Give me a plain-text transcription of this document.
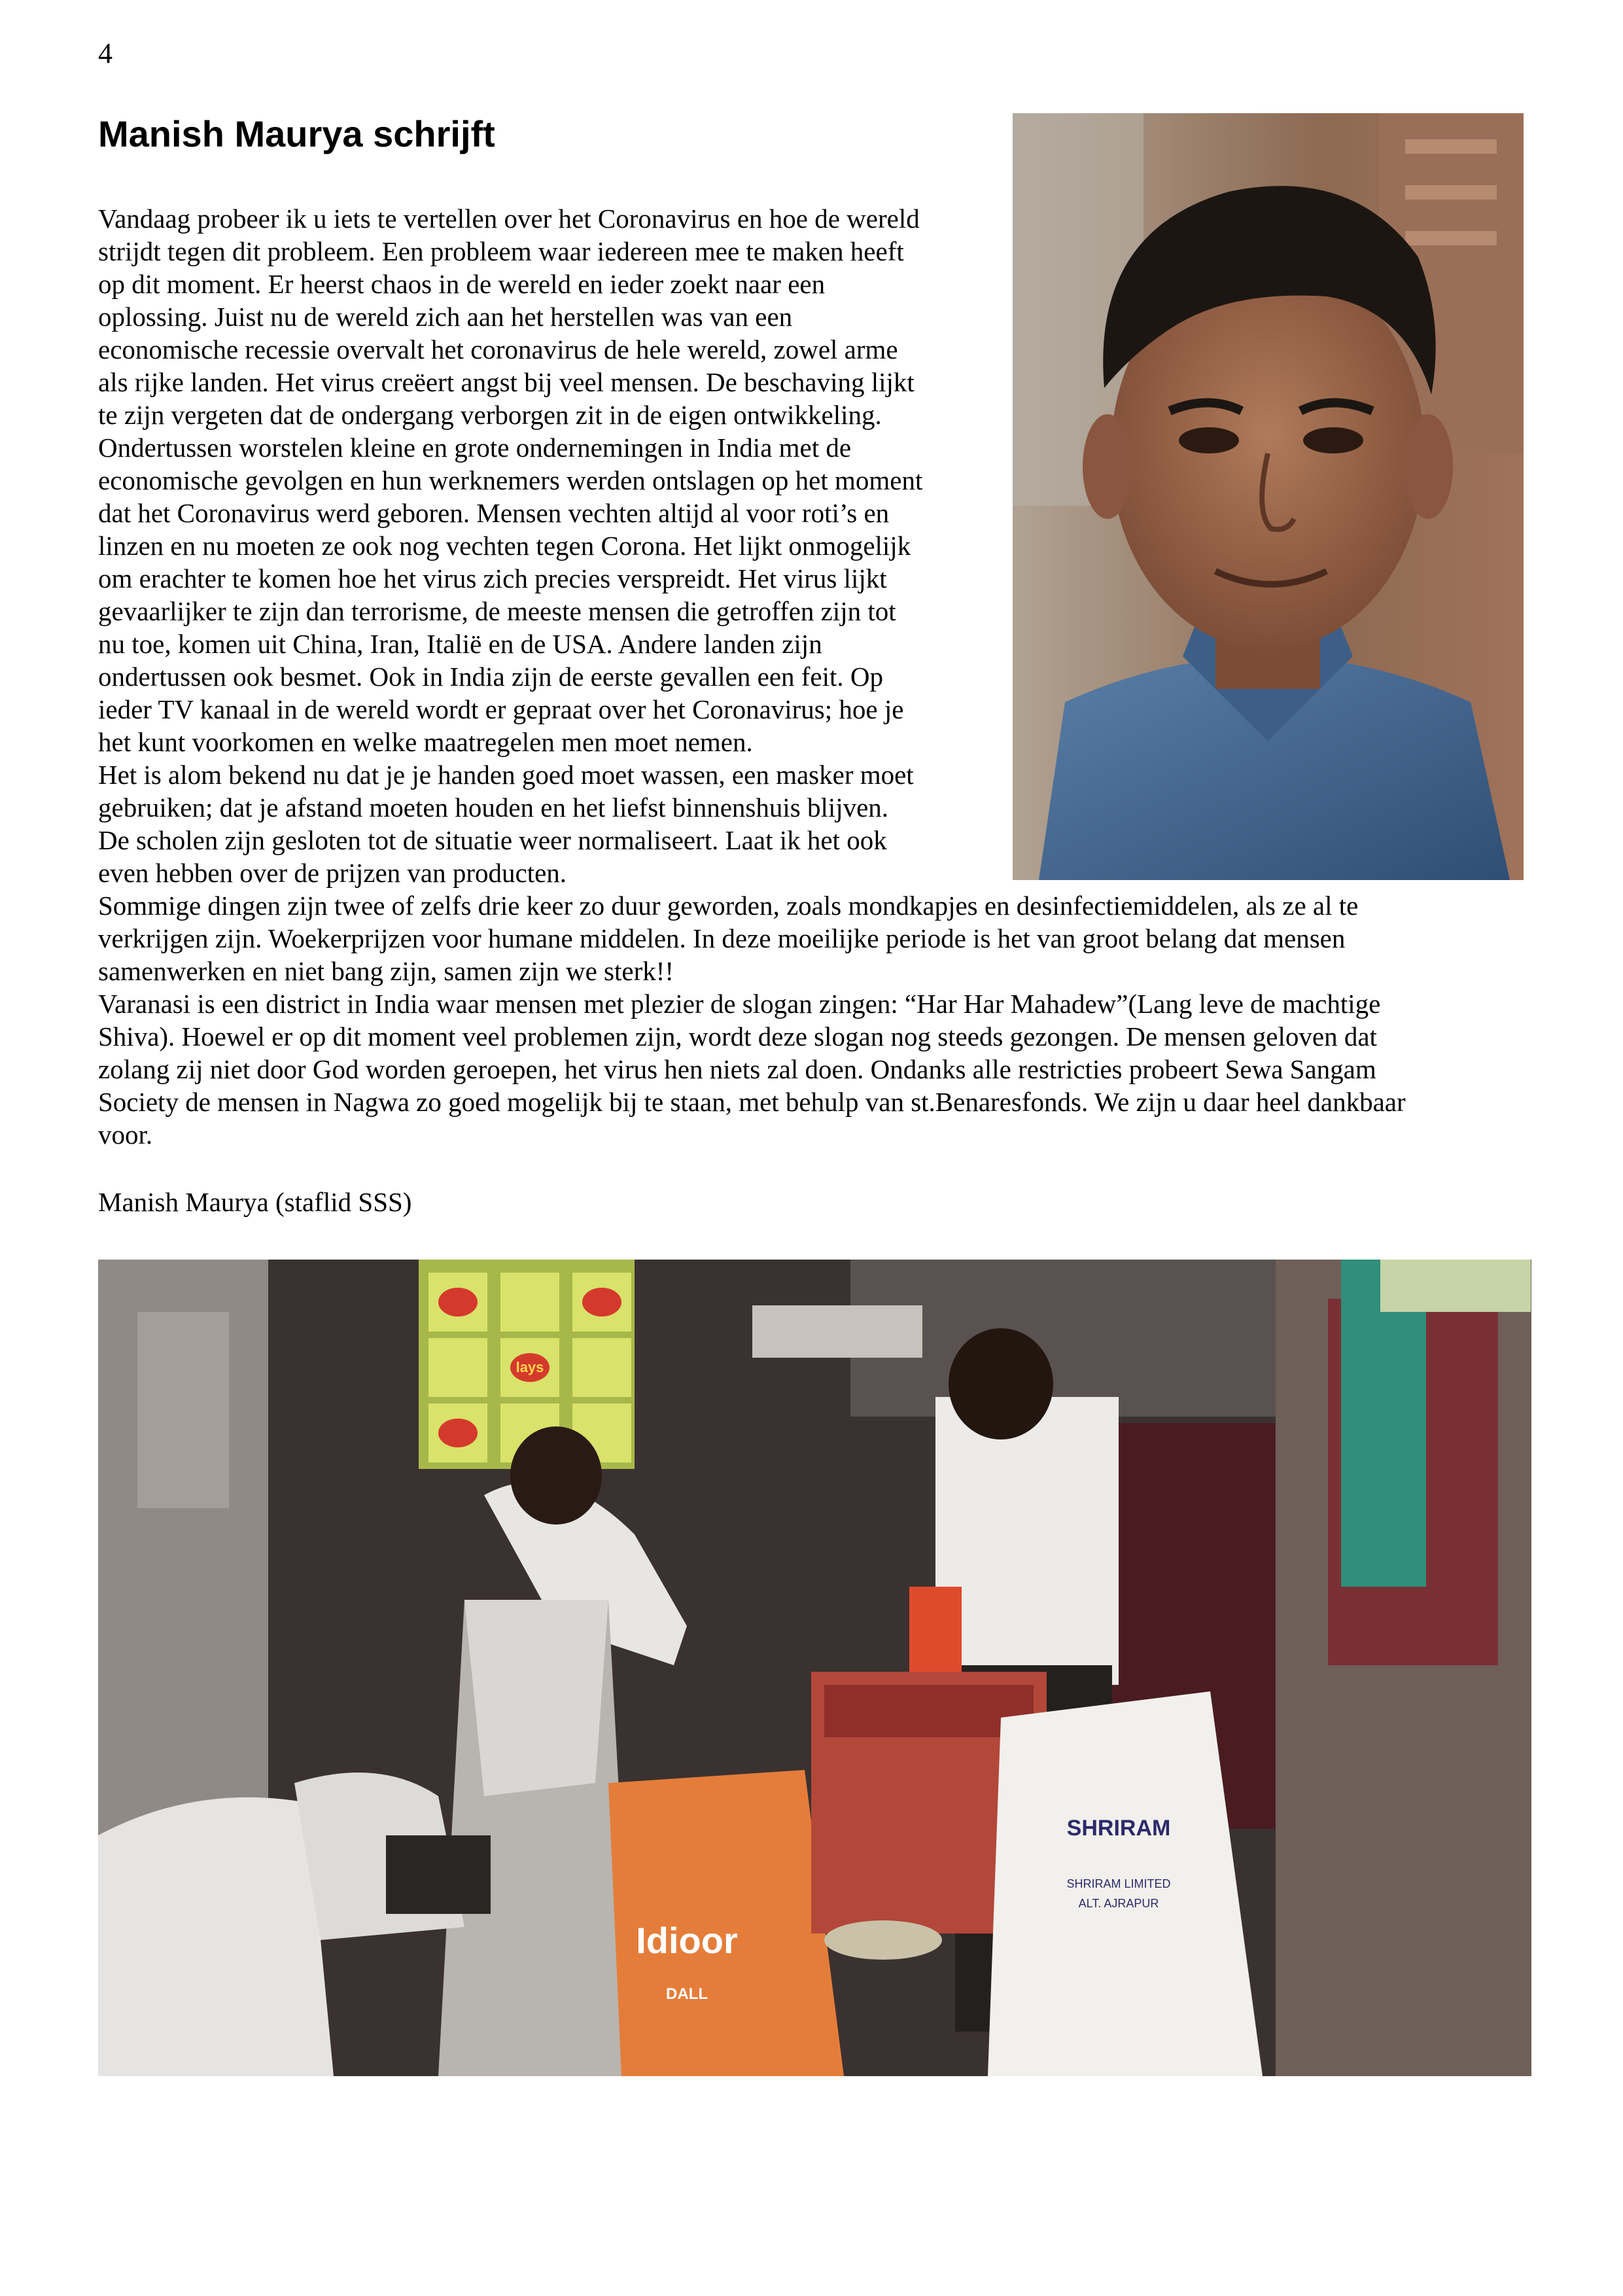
4
Manish Maurya schrijft
Vandaag probeer ik u iets te vertellen over het Coronavirus en hoe de wereld
strijdt tegen dit probleem. Een probleem waar iedereen mee te maken heeft
op dit moment. Er heerst chaos in de wereld en ieder zoekt naar een
oplossing. Juist nu de wereld zich aan het herstellen was van een
economische recessie overvalt het coronavirus de hele wereld, zowel arme
als rijke landen. Het virus creëert angst bij veel mensen. De beschaving lijkt
te zijn vergeten dat de ondergang verborgen zit in de eigen ontwikkeling.
Ondertussen worstelen kleine en grote ondernemingen in India met de
economische gevolgen en hun werknemers werden ontslagen op het moment
dat het Coronavirus werd geboren. Mensen vechten altijd al voor roti’s en
linzen en nu moeten ze ook nog vechten tegen Corona. Het lijkt onmogelijk
om erachter te komen hoe het virus zich precies verspreidt. Het virus lijkt
gevaarlijker te zijn dan terrorisme, de meeste mensen die getroffen zijn tot
nu toe, komen uit China, Iran, Italië en de USA. Andere landen zijn
ondertussen ook besmet. Ook in India zijn de eerste gevallen een feit. Op
ieder TV kanaal in de wereld wordt er gepraat over het Coronavirus; hoe je
het kunt voorkomen en welke maatregelen men moet nemen.
Het is alom bekend nu dat je je handen goed moet wassen, een masker moet
gebruiken; dat je afstand moeten houden en het liefst binnenshuis blijven.
De scholen zijn gesloten tot de situatie weer normaliseert. Laat ik het ook
even hebben over de prijzen van producten.
Sommige dingen zijn twee of zelfs drie keer zo duur geworden, zoals mondkapjes en desinfectiemiddelen, als ze al te
verkrijgen zijn. Woekerprijzen voor humane middelen. In deze moeilijke periode is het van groot belang dat mensen
samenwerken en niet bang zijn, samen zijn we sterk!!
Varanasi is een district in India waar mensen met plezier de slogan zingen: “Har Har Mahadew”(Lang leve de machtige
Shiva). Hoewel er op dit moment veel problemen zijn, wordt deze slogan nog steeds gezongen. De mensen geloven dat
zolang zij niet door God worden geroepen, het virus hen niets zal doen. Ondanks alle restricties probeert Sewa Sangam
Society de mensen in Nagwa zo goed mogelijk bij te staan, met behulp van st.Benaresfonds. We zijn u daar heel dankbaar
voor.
Manish Maurya (staflid SSS)
lays
Idioor
DALL
SHRIRAM
SHRIRAM LIMITED
ALT. AJRAPUR
